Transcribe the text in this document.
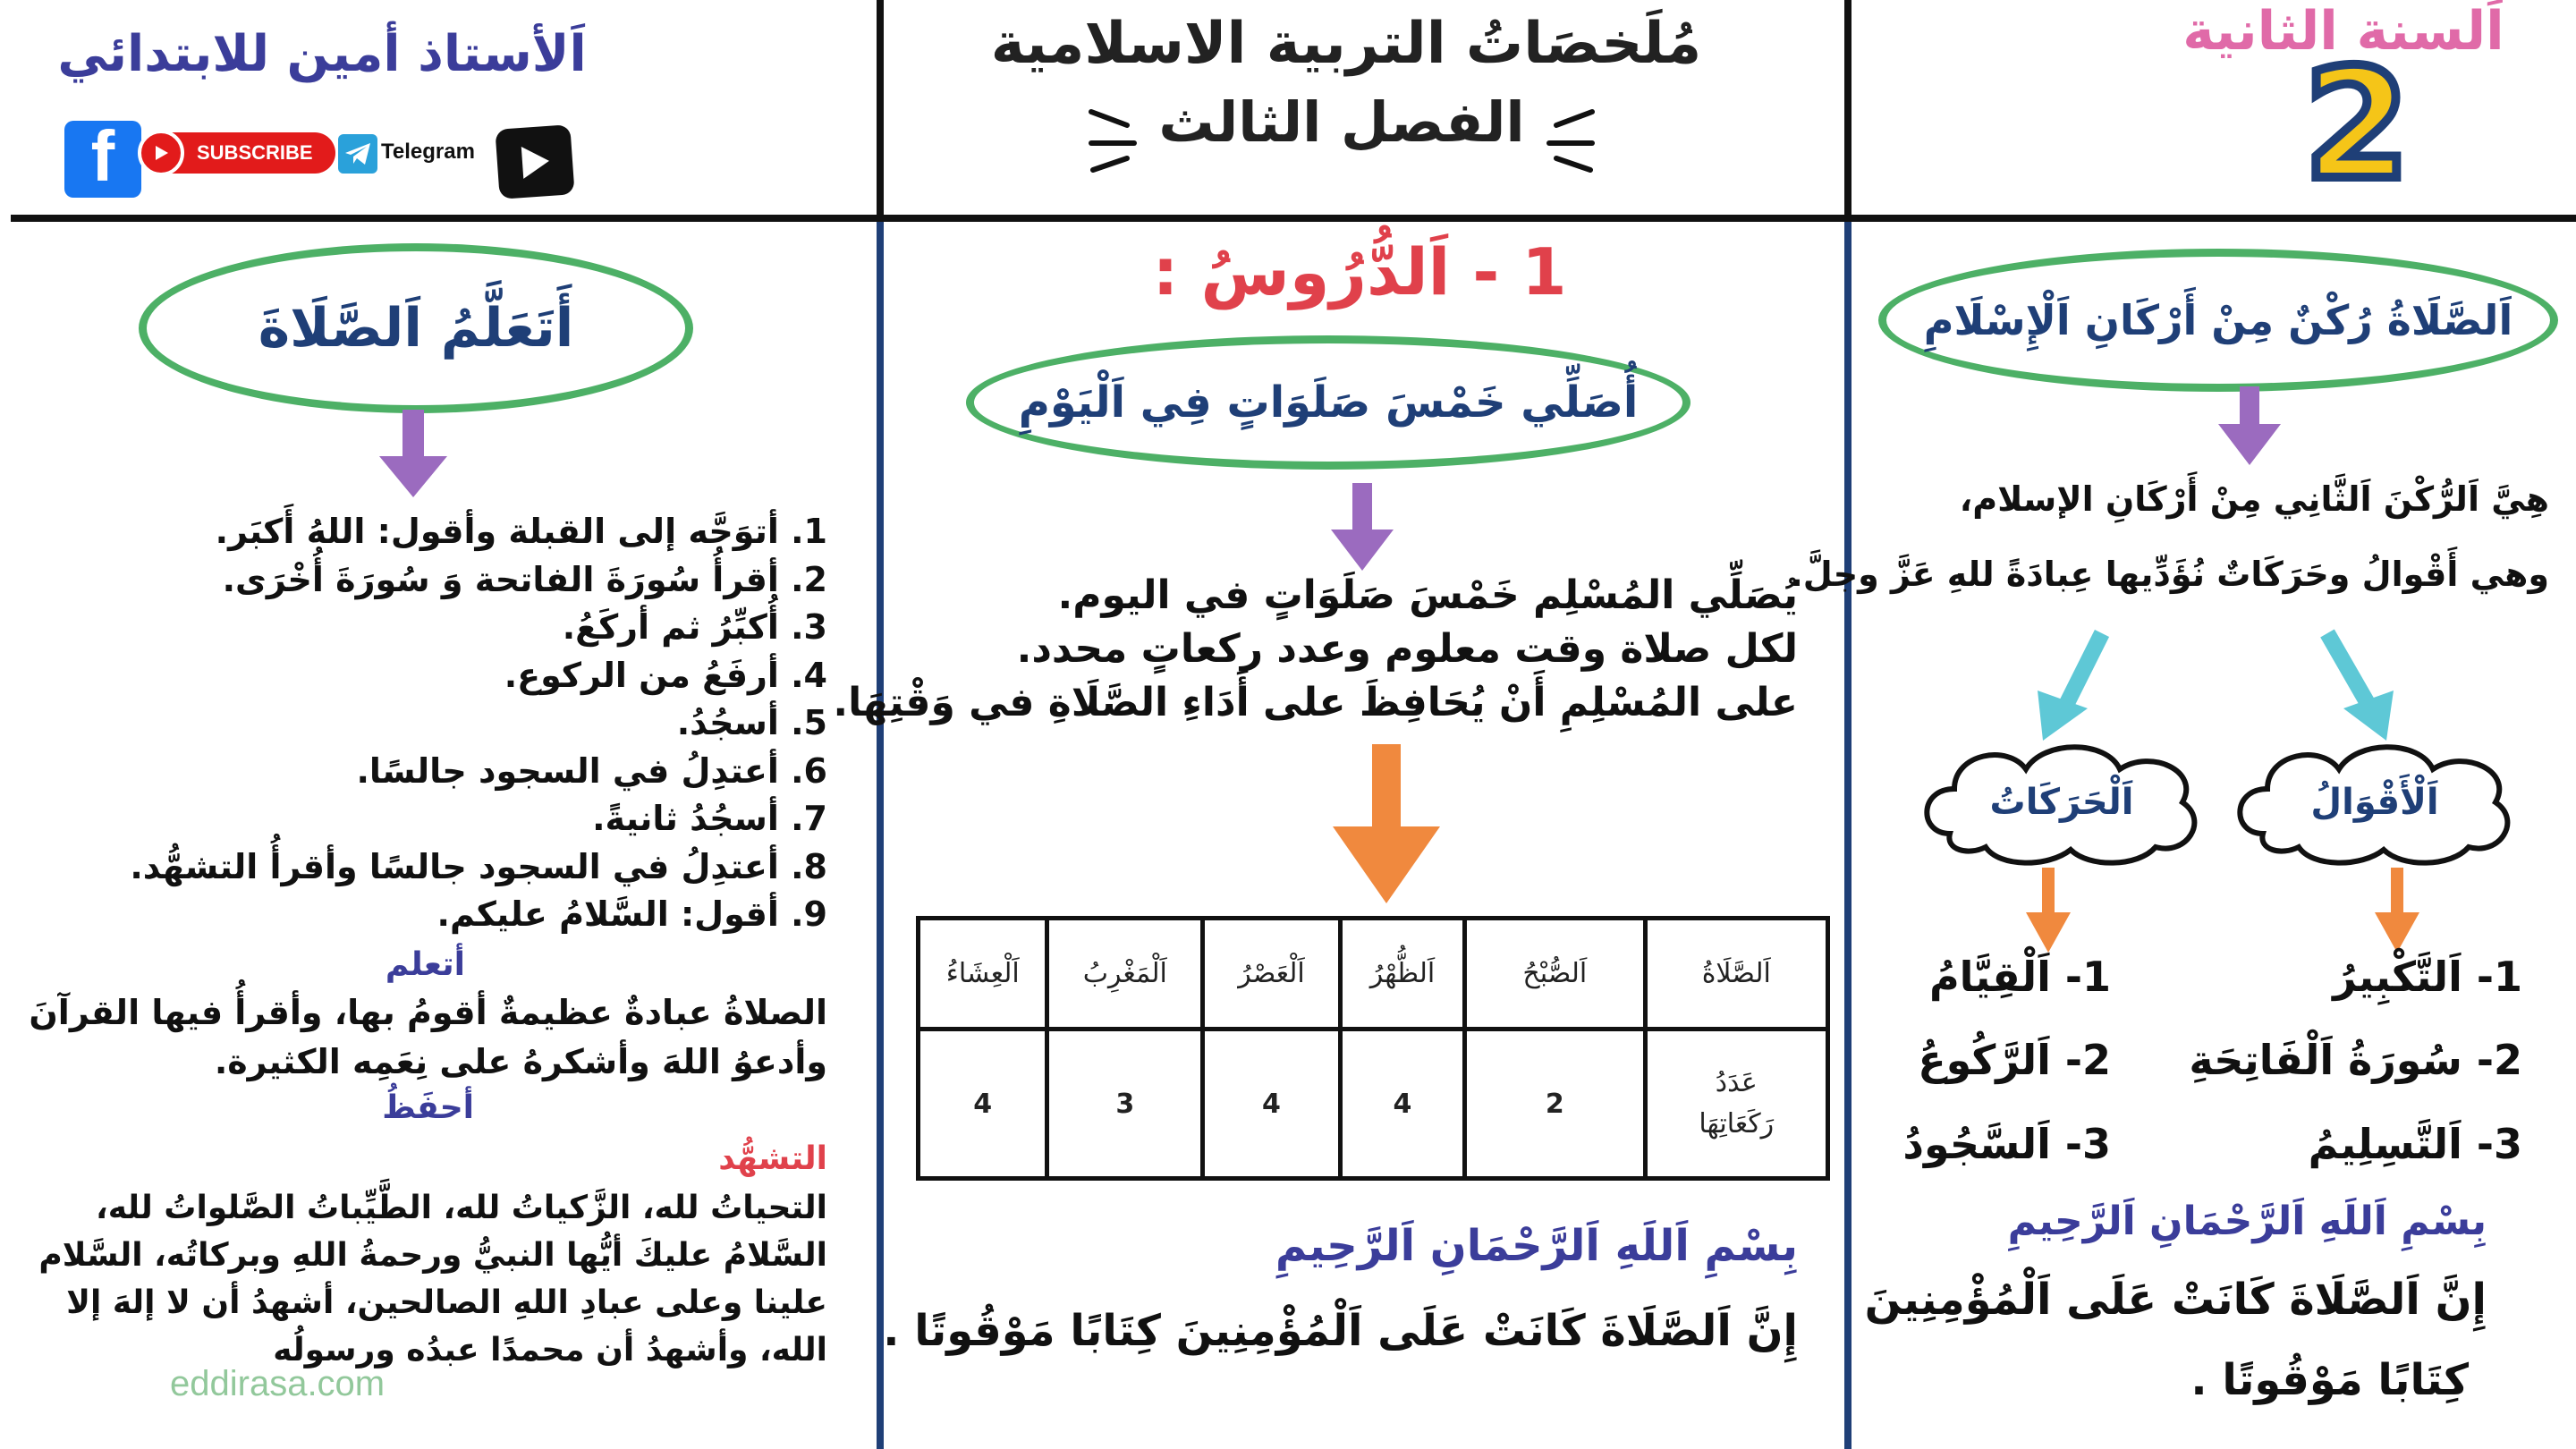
اَلسنة الثانية
2
مُلَخصَاتُ التربية الاسلامية
الفصل الثالث
اَلأستاذ أمين للابتدائي
f	SUBSCRIBE	Telegram
اَلصَّلَاةُ رُكْنٌ مِنْ أَرْكَانِ اَلْإِسْلَامِ
هِيَّ اَلرُّكْنَ اَلثَّانِي مِنْ أَرْكَانِ الإسلام،
وهي أَقْوالُ وحَرَكَاتٌ نُؤَدِّيها عِبادَةً للهِ عَزَّ وجلَّ.
اَلْأَقْوَالُ
اَلْحَرَكَاتُ
1- اَلتَّكْبِيرُ
2- سُورَةُ اَلْفَاتِحَةِ
3- اَلتَّسِلِيمُ
1- اَلْقِيَّامُ
2- اَلرَّكُوعُ
3- اَلسَّجُودُ
بِسْمِ اَللَهِ اَلرَّحْمَانِ اَلرَّحِيمِ
إِنَّ اَلصَّلَاةَ كَانَتْ عَلَى اَلْمُؤْمِنِينَ
كِتَابًا مَوْقُوتًا .
1 - اَلدُّرُوسُ :
أُصَلِّي خَمْسَ صَلَوَاتٍ فِي اَلْيَوْمِ
يُصَلِّي المُسْلِم خَمْسَ صَلَوَاتٍ في اليوم.
لكل صلاة وقت معلوم وعدد ركعاتٍ محدد.
على المُسْلِمِ أَنْ يُحَافِظَ على أَدَاءِ الصَّلَاةِ في وَقْتِهَا.
اَلْعِشَاءُ	اَلْمَغْرِبُ	اَلْعَصْرُ	اَلظُّهْرُ	اَلصُّبْحُ	اَلصَّلَاةُ
4	3	4	4	2	عَدَدُ رَكَعَاتِهَا
بِسْمِ اَللَهِ اَلرَّحْمَانِ اَلرَّحِيمِ
إِنَّ اَلصَّلَاةَ كَانَتْ عَلَى اَلْمُؤْمِنِينَ كِتَابًا مَوْقُوتًا .
أَتَعَلَّمُ اَلصَّلَاةَ
1. أتوَجَّه إلى القبلة وأقول: اللهُ أَكبَر.
2. أقرأُ سُورَةَ الفاتحة وَ سُورَةَ أُخْرَى.
3. أُكبِّرُ ثم أركَعُ.
4. أرفَعُ من الركوع.
5. أسجُدُ.
6. أعتدِلُ في السجود جالسًا.
7. أسجُدُ ثانيةً.
8. أعتدِلُ في السجود جالسًا وأقرأُ التشهُّد.
9. أقول: السَّلامُ عليكم.
أتعلم
الصلاةُ عبادةٌ عظيمةٌ أقومُ بها، وأقرأُ فيها القرآنَ
وأدعوُ اللهَ وأشكرهُ على نِعَمِه الكثيرة.
أحفَظُ
eddirasa.com
التشهُّد
التحياتُ لله، الزَّكياتُ لله، الطَّيِّباتُ الصَّلواتُ لله،
السَّلامُ عليكَ أيُّها النبيُّ ورحمةُ اللهِ وبركاتُه، السَّلام
علينا وعلى عبادِ اللهِ الصالحين، أشهدُ أن لا إلهَ إلا
الله، وأشهدُ أن محمدًا عبدُه ورسولُه
